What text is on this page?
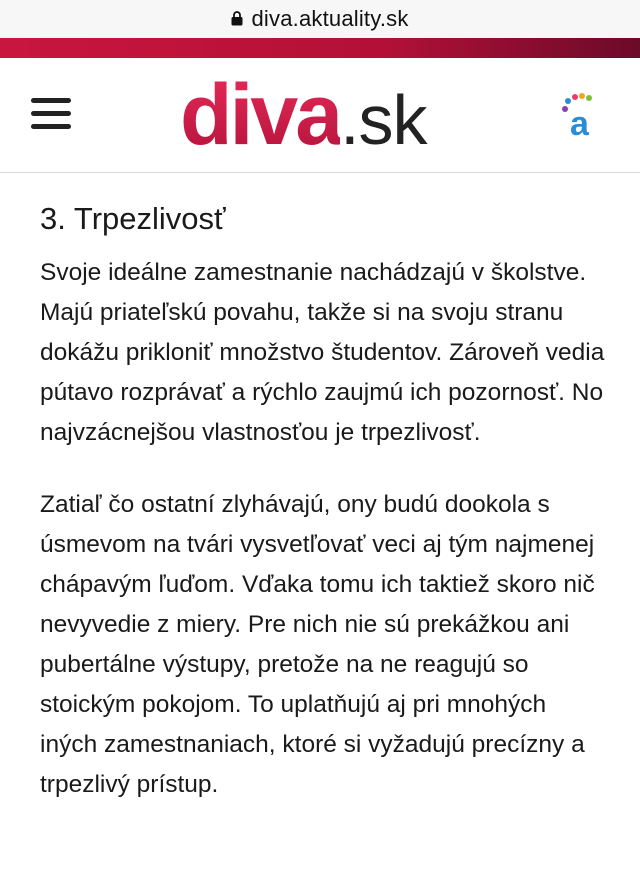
diva.aktuality.sk
diva .sk	a
3. Trpezlivosť

Svoje ideálne zamestnanie nachádzajú v školstve. Majú priateľskú povahu, takže si na svoju stranu dokážu prikloniť množstvo študentov. Zároveň vedia pútavo rozprávať a rýchlo zaujmú ich pozornosť. No najvzácnejšou vlastnosťou je trpezlivosť.

Zatiaľ čo ostatní zlyhávajú, ony budú dookola s úsmevom na tvári vysvetľovať veci aj tým najmenej chápavým ľuďom. Vďaka tomu ich taktiež skoro nič nevyvedie z miery. Pre nich nie sú prekážkou ani pubertálne výstupy, pretože na ne reagujú so stoickým pokojom. To uplatňujú aj pri mnohých iných zamestnaniach, ktoré si vyžadujú precízny a trpezlivý prístup.
